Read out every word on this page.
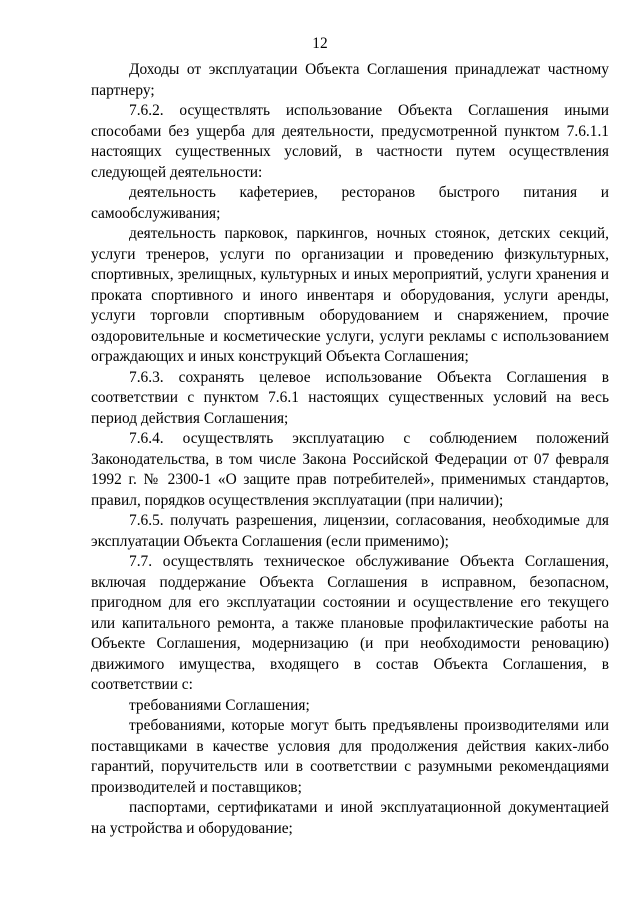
12

Доходы от эксплуатации Объекта Соглашения принадлежат частному партнеру;

7.6.2. осуществлять использование Объекта Соглашения иными способами без ущерба для деятельности, предусмотренной пунктом 7.6.1.1 настоящих существенных условий, в частности путем осуществления следующей деятельности:

деятельность кафетериев, ресторанов быстрого питания и самообслуживания;

деятельность парковок, паркингов, ночных стоянок, детских секций, услуги тренеров, услуги по организации и проведению физкультурных, спортивных, зрелищных, культурных и иных мероприятий, услуги хранения и проката спортивного и иного инвентаря и оборудования, услуги аренды, услуги торговли спортивным оборудованием и снаряжением, прочие оздоровительные и косметические услуги, услуги рекламы с использованием ограждающих и иных конструкций Объекта Соглашения;

7.6.3. сохранять целевое использование Объекта Соглашения в соответствии с пунктом 7.6.1 настоящих существенных условий на весь период действия Соглашения;

7.6.4. осуществлять эксплуатацию с соблюдением положений Законодательства, в том числе Закона Российской Федерации от 07 февраля 1992 г. № 2300-1 «О защите прав потребителей», применимых стандартов, правил, порядков осуществления эксплуатации (при наличии);

7.6.5. получать разрешения, лицензии, согласования, необходимые для эксплуатации Объекта Соглашения (если применимо);

7.7. осуществлять техническое обслуживание Объекта Соглашения, включая поддержание Объекта Соглашения в исправном, безопасном, пригодном для его эксплуатации состоянии и осуществление его текущего или капитального ремонта, а также плановые профилактические работы на Объекте Соглашения, модернизацию (и при необходимости реновацию) движимого имущества, входящего в состав Объекта Соглашения, в соответствии с:

требованиями Соглашения;

требованиями, которые могут быть предъявлены производителями или поставщиками в качестве условия для продолжения действия каких-либо гарантий, поручительств или в соответствии с разумными рекомендациями производителей и поставщиков;

паспортами, сертификатами и иной эксплуатационной документацией на устройства и оборудование;
